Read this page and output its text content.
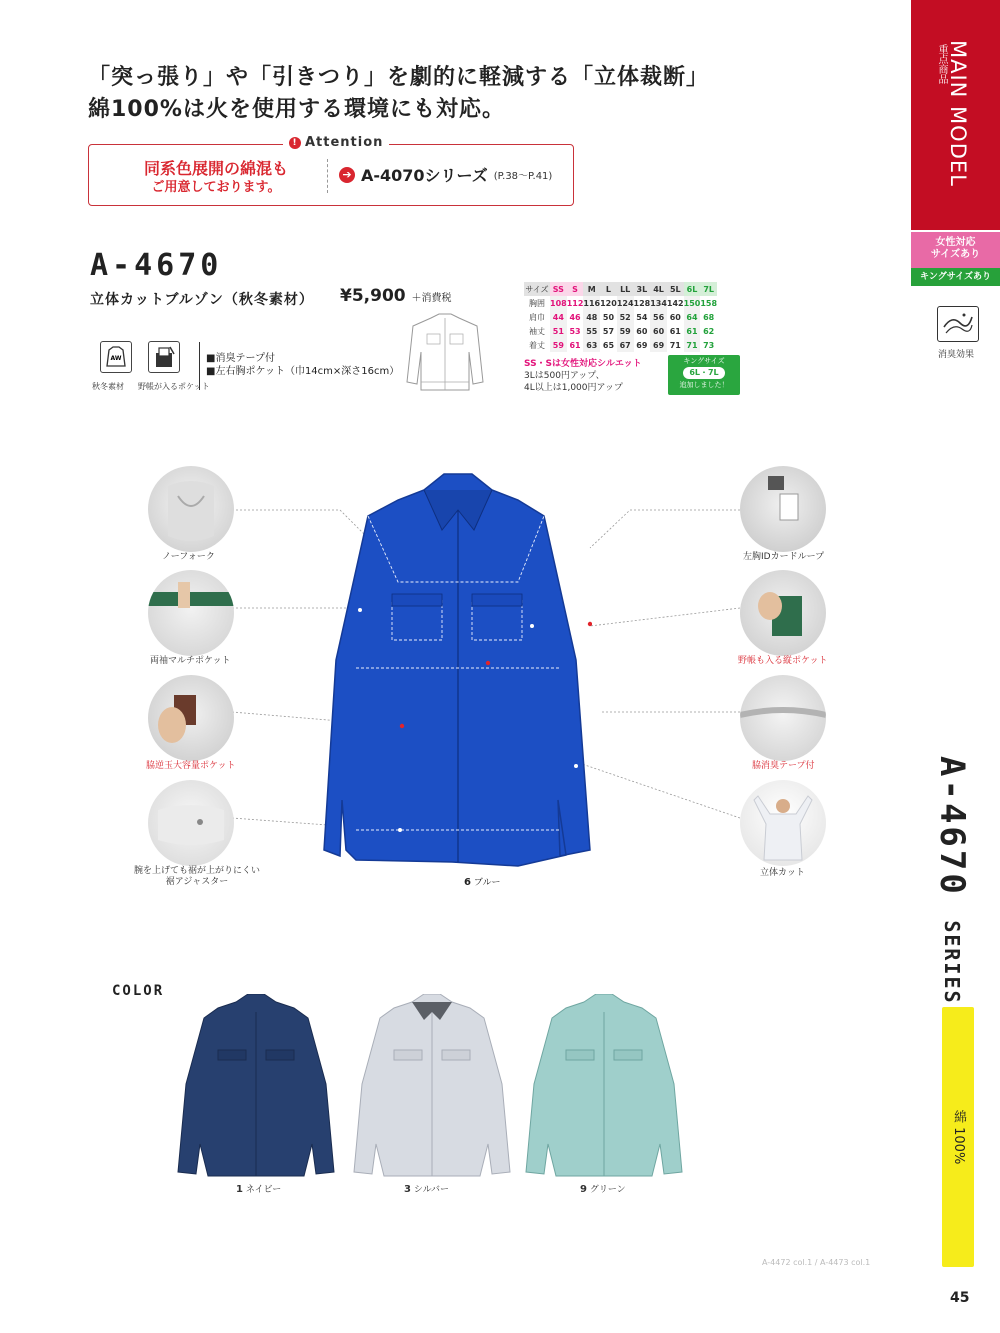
「突っ張り」や「引きつり」を劇的に軽減する「立体裁断」
綿100%は火を使用する環境にも対応。
! Attention
同系色展開の綿混も
ご用意しております。
➔ A-4070シリーズ (P.38〜P.41)
A-4670
立体カットブルゾン（秋冬素材） ¥5,900 ＋消費税
AW
秋冬素材 野帳が入るポケット
■消臭テープ付
■左右胸ポケット（巾14cm×深さ16cm）
サイズ	SS	S	M	L	LL	3L	4L	5L	6L	7L
胸囲	108	112	116	120	124	128	134	142	150	158
肩巾	44	46	48	50	52	54	56	60	64	68
袖丈	51	53	55	57	59	60	60	61	61	62
着丈	59	61	63	65	67	69	69	71	71	73
SS・Sは女性対応シルエット
3Lは500円アップ、
4L以上は1,000円アップ
キングサイズ
6L・7L
追加しました！
MAIN MODEL
重点商品
女性対応
サイズあり
キングサイズあり
消臭効果
A-4670 SERIES
綿 100%
ノーフォーク
両袖マルチポケット
脇逆玉大容量ポケット
腕を上げても裾が上がりにくい
裾アジャスター
左胸IDカードループ
野帳も入る縦ポケット
脇消臭テープ付
立体カット
6 ブルー
COLOR
1 ネイビー	3 シルバー	9 グリーン
A-4472 col.1 / A-4473 col.1
45
